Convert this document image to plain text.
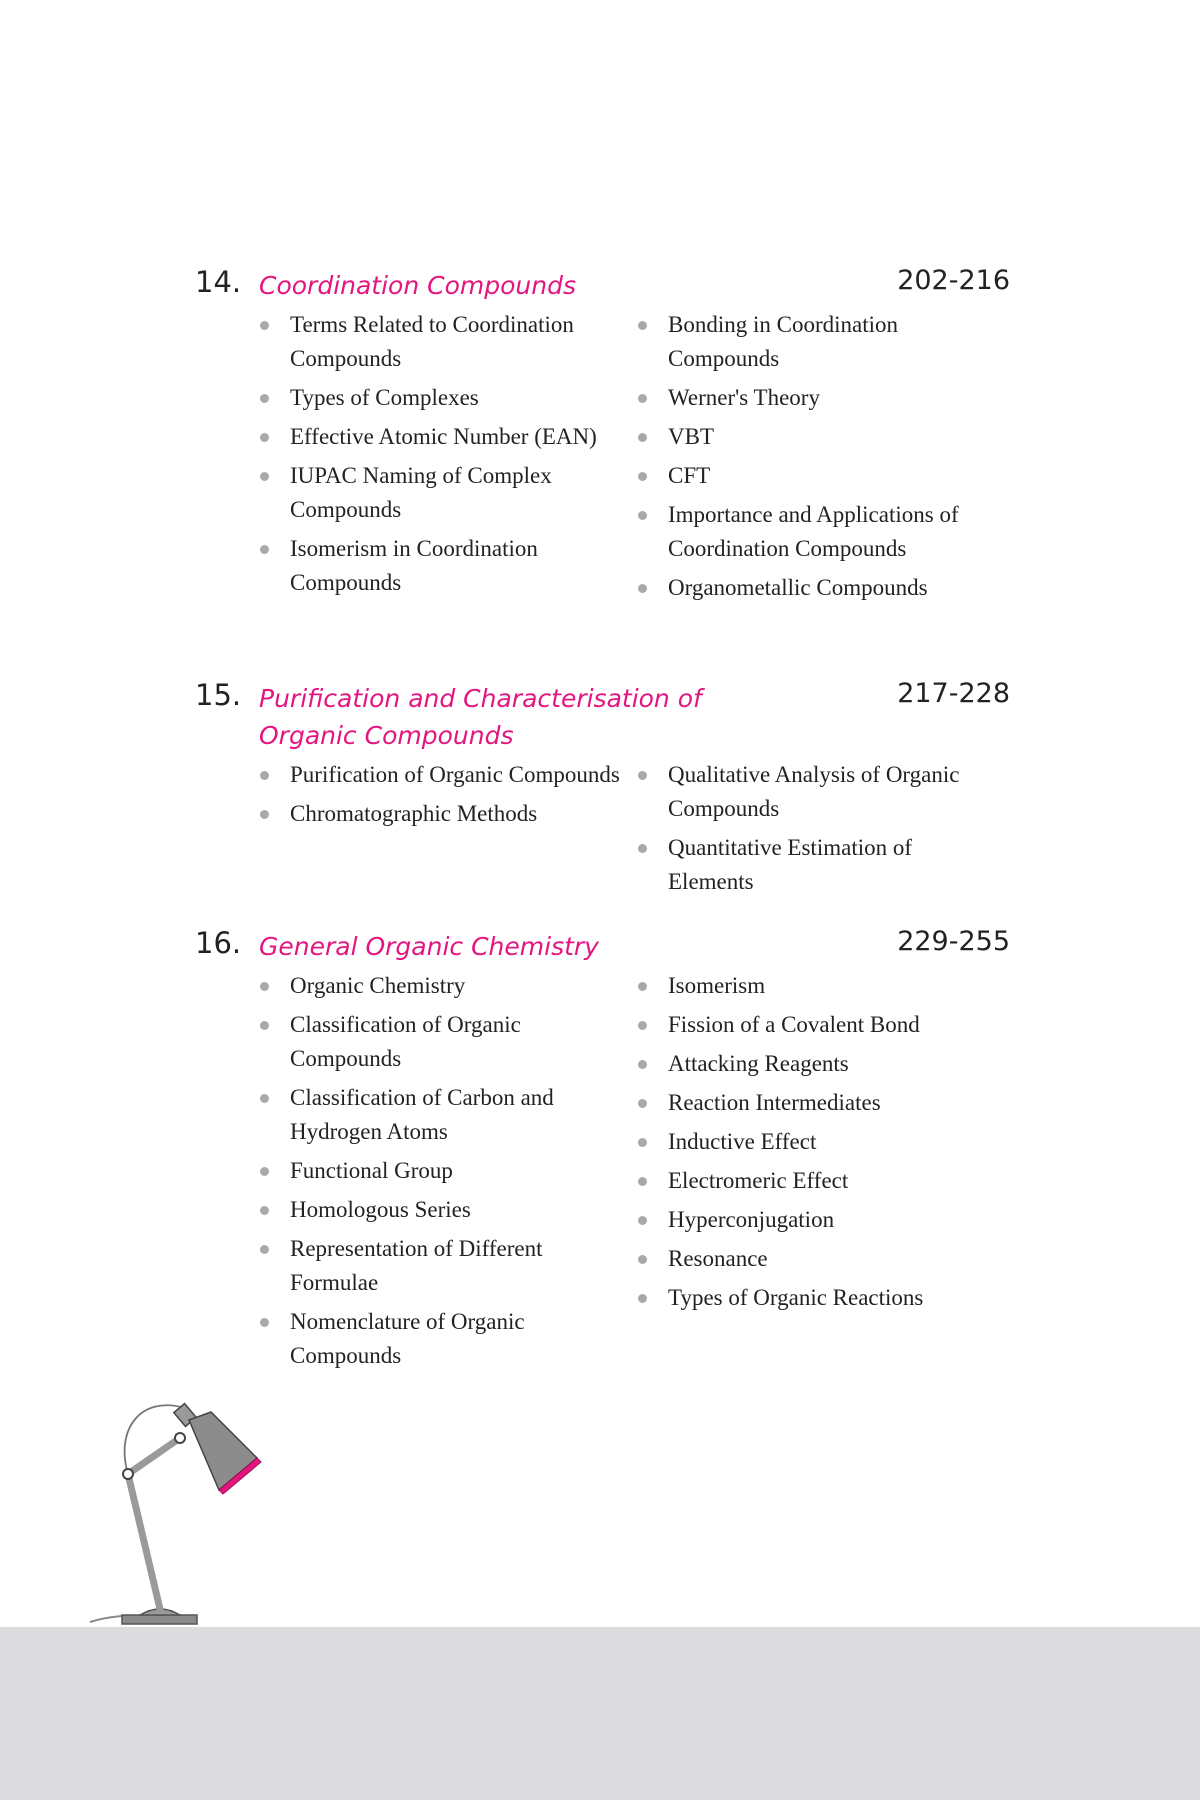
14. Coordination Compounds	202-216
Terms Related to Coordination Compounds
Types of Complexes
Effective Atomic Number (EAN)
IUPAC Naming of Complex Compounds
Isomerism in Coordination Compounds
Bonding in Coordination Compounds
Werner's Theory
VBT
CFT
Importance and Applications of Coordination Compounds
Organometallic Compounds
15. Purification and Characterisation of Organic Compounds
217-228
Purification of Organic Compounds
Chromatographic Methods
Qualitative Analysis of Organic Compounds
Quantitative Estimation of Elements
16. General Organic Chemistry	229-255
Organic Chemistry
Classification of Organic Compounds
Classification of Carbon and Hydrogen Atoms
Functional Group
Homologous Series
Representation of Different Formulae
Nomenclature of Organic Compounds
Isomerism
Fission of a Covalent Bond
Attacking Reagents
Reaction Intermediates
Inductive Effect
Electromeric Effect
Hyperconjugation
Resonance
Types of Organic Reactions
